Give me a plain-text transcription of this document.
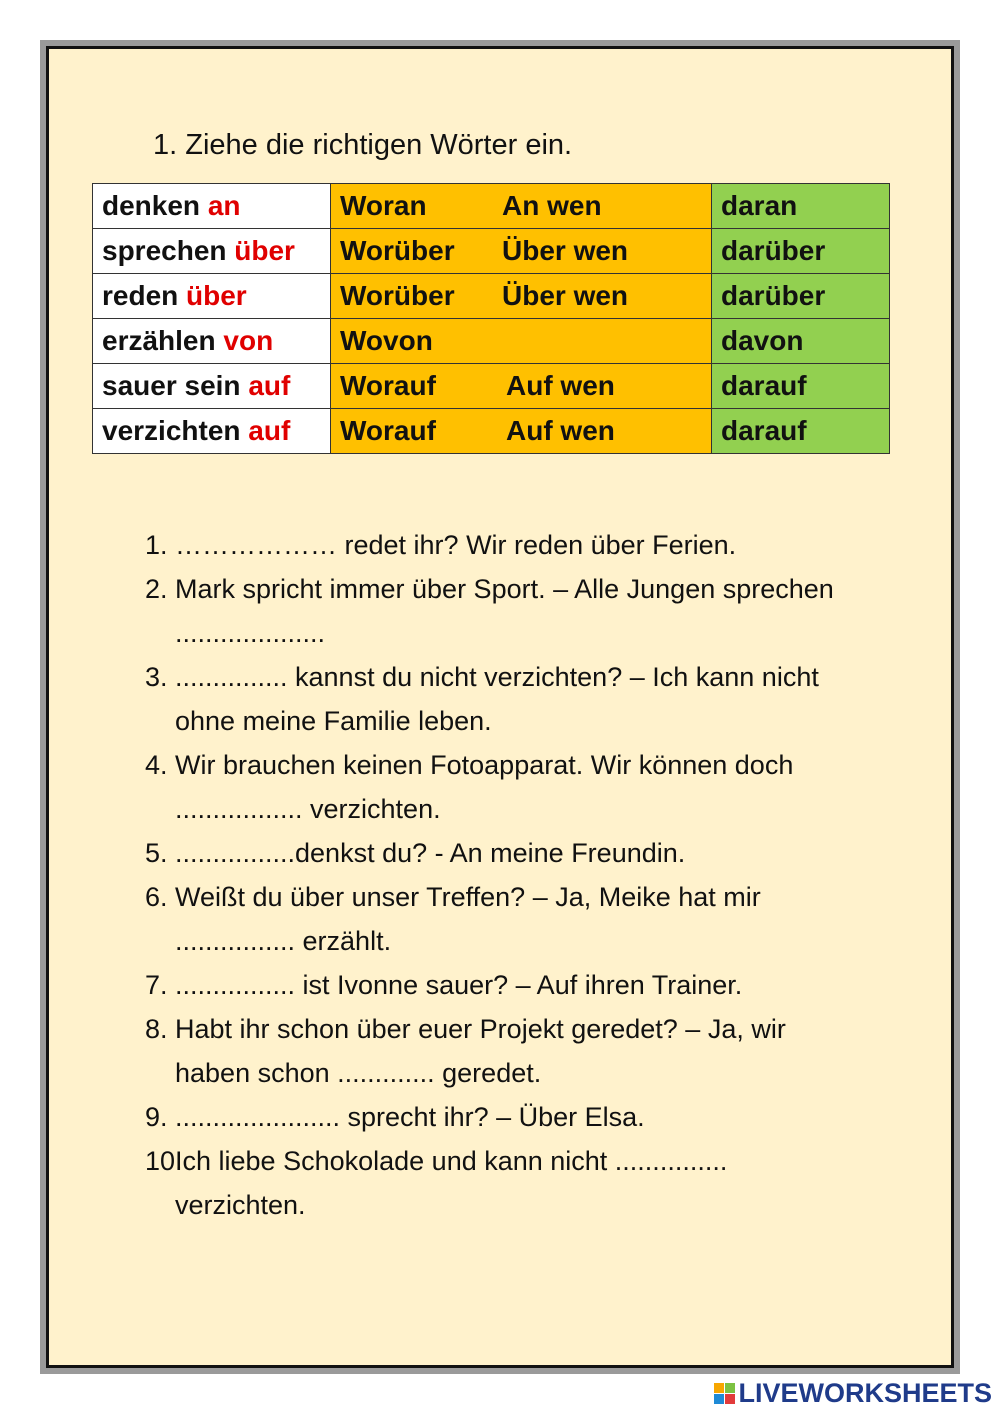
1. Ziehe die richtigen Wörter ein.
denken an	Woran An wen	daran
sprechen über	Worüber Über wen	darüber
reden über	Worüber Über wen	darüber
erzählen von	Wovon	davon
sauer sein auf	Worauf Auf wen	darauf
verzichten auf	Worauf Auf wen	darauf
1. ……………… redet ihr? Wir reden über Ferien.
2. Mark spricht immer über Sport. – Alle Jungen sprechen ....................
3. ............... kannst du nicht verzichten? – Ich kann nicht ohne meine Familie leben.
4. Wir brauchen keinen Fotoapparat. Wir können doch ................. verzichten.
5. ................denkst du? - An meine Freundin.
6. Weißt du über unser Treffen? – Ja, Meike hat mir ................ erzählt.
7. ................ ist Ivonne sauer? – Auf ihren Trainer.
8. Habt ihr schon über euer Projekt geredet? – Ja, wir haben schon ............. geredet.
9. ...................... sprecht ihr? – Über Elsa.
10.
Ich liebe Schokolade und kann nicht ............... verzichten.
LIVEWORKSHEETS
